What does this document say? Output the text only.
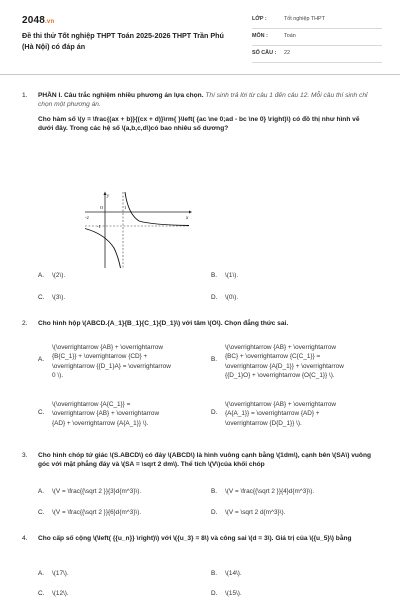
2048.vn
Đề thi thử Tốt nghiệp THPT Toán 2025-2026 THPT Trần Phú (Hà Nội) có đáp án
LỚP :	Tốt nghiệp THPT
MÔN :	Toán
SỐ CÂU :	22
1.	PHẦN I. Câu trắc nghiệm nhiều phương án lựa chọn. Thí sinh trả lời từ câu 1 đến câu 12. Mỗi câu thí sinh chỉ chọn một phương án.

Cho hàm số \(y = \frac{(ax + b)}{(cx + d)}\rm{ }\left( {ac \ne 0;ad - bc \ne 0} \right)\) có đồ thị như hình vẽ dưới đây. Trong các hệ số \(a,b,c,d\)có bao nhiêu số dương?

y
x
O	1
-1
-2
A.	\(2\).	B.	\(1\).
C.	\(3\).	D.	\(0\).
2.	Cho hình hộp \(ABCD.{A_1}{B_1}{C_1}{D_1}\) với tâm \(O\). Chọn đẳng thức sai.

A.
\(\overrightarrow {AB} + \overrightarrow
{B{C_1}} + \overrightarrow {CD} +
\overrightarrow {{D_1}A} = \overrightarrow
0 \).
B.
\(\overrightarrow {AB} + \overrightarrow
{BC} + \overrightarrow {C{C_1}} =
\overrightarrow {A{D_1}} + \overrightarrow
{{D_1}O} + \overrightarrow {O{C_1}} \).
C.
\(\overrightarrow {A{C_1}} =
\overrightarrow {AB} + \overrightarrow
{AD} + \overrightarrow {A{A_1}} \).
D.
\(\overrightarrow {AB} + \overrightarrow
{A{A_1}} = \overrightarrow {AD} +
\overrightarrow {D{D_1}} \).
3.	Cho hình chóp tứ giác \(S.ABCD\) có đáy \(ABCD\) là hình vuông cạnh bằng \(1dm\), cạnh bên \(SA\) vuông góc với mặt phẳng đáy và \(SA = \sqrt 2 dm\). Thể tích \(V\)của khối chóp

A.	\(V = \frac{{\sqrt 2 }}{3}d{m^3}\).	B.	\(V = \frac{{\sqrt 2 }}{4}d{m^3}\).
C.	\(V = \frac{{\sqrt 2 }}{6}d{m^3}\).	D.	\(V = \sqrt 2 d{m^3}\).
4.	Cho cấp số cộng \(\left( {{u_n}} \right)\) với \({u_3} = 8\) và công sai \(d = 3\). Giá trị của \({u_5}\) bằng

A.	\(17\).	B.	\(14\).
C.	\(12\).	D.	\(15\).
